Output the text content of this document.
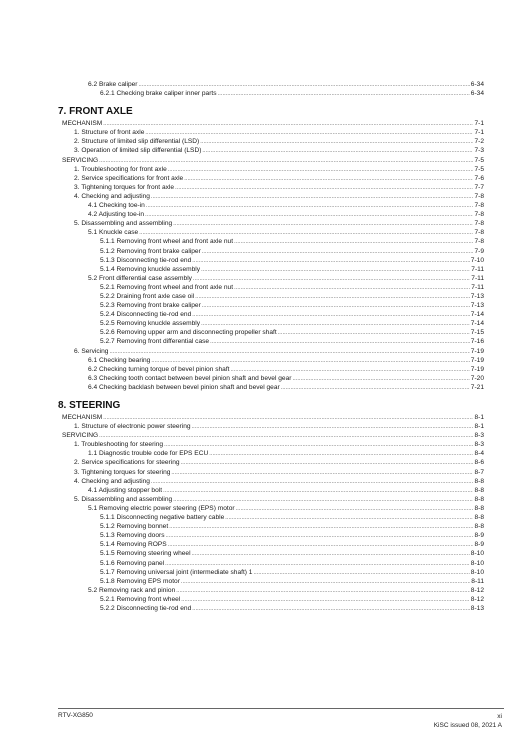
6.2 Brake caliper .....	6-34
6.2.1 Checking brake caliper inner parts .....	6-34
7. FRONT AXLE
MECHANISM .....	7-1
1. Structure of front axle .....	7-1
2. Structure of limited slip differential (LSD) .....	7-2
3. Operation of limited slip differential (LSD) .....	7-3
SERVICING .....	7-5
1. Troubleshooting for front axle .....	7-5
2. Service specifications for front axle .....	7-6
3. Tightening torques for front axle .....	7-7
4. Checking and adjusting .....	7-8
4.1 Checking toe-in .....	7-8
4.2 Adjusting toe-in .....	7-8
5. Disassembling and assembling .....	7-8
5.1 Knuckle case .....	7-8
5.1.1 Removing front wheel and front axle nut .....	7-8
5.1.2 Removing front brake caliper .....	7-9
5.1.3 Disconnecting tie-rod end .....	7-10
5.1.4 Removing knuckle assembly .....	7-11
5.2 Front differential case assembly .....	7-11
5.2.1 Removing front wheel and front axle nut .....	7-11
5.2.2 Draining front axle case oil .....	7-13
5.2.3 Removing front brake caliper .....	7-13
5.2.4 Disconnecting tie-rod end .....	7-14
5.2.5 Removing knuckle assembly .....	7-14
5.2.6 Removing upper arm and disconnecting propeller shaft .....	7-15
5.2.7 Removing front differential case .....	7-16
6. Servicing .....	7-19
6.1 Checking bearing .....	7-19
6.2 Checking turning torque of bevel pinion shaft .....	7-19
6.3 Checking tooth contact between bevel pinion shaft and bevel gear .....	7-20
6.4 Checking backlash between bevel pinion shaft and bevel gear .....	7-21
8. STEERING
MECHANISM .....	8-1
1. Structure of electronic power steering .....	8-1
SERVICING .....	8-3
1. Troubleshooting for steering .....	8-3
1.1 Diagnostic trouble code for EPS ECU .....	8-4
2. Service specifications for steering .....	8-6
3. Tightening torques for steering .....	8-7
4. Checking and adjusting .....	8-8
4.1 Adjusting stopper bolt .....	8-8
5. Disassembling and assembling .....	8-8
5.1 Removing electric power steering (EPS) motor .....	8-8
5.1.1 Disconnecting negative battery cable .....	8-8
5.1.2 Removing bonnet .....	8-8
5.1.3 Removing doors .....	8-9
5.1.4 Removing ROPS .....	8-9
5.1.5 Removing steering wheel .....	8-10
5.1.6 Removing panel .....	8-10
5.1.7 Removing universal joint (intermediate shaft) 1 .....	8-10
5.1.8 Removing EPS motor .....	8-11
5.2 Removing rack and pinion .....	8-12
5.2.1 Removing front wheel .....	8-12
5.2.2 Disconnecting tie-rod end .....	8-13
RTV-XG850	xi
KiSC issued 08, 2021 A
